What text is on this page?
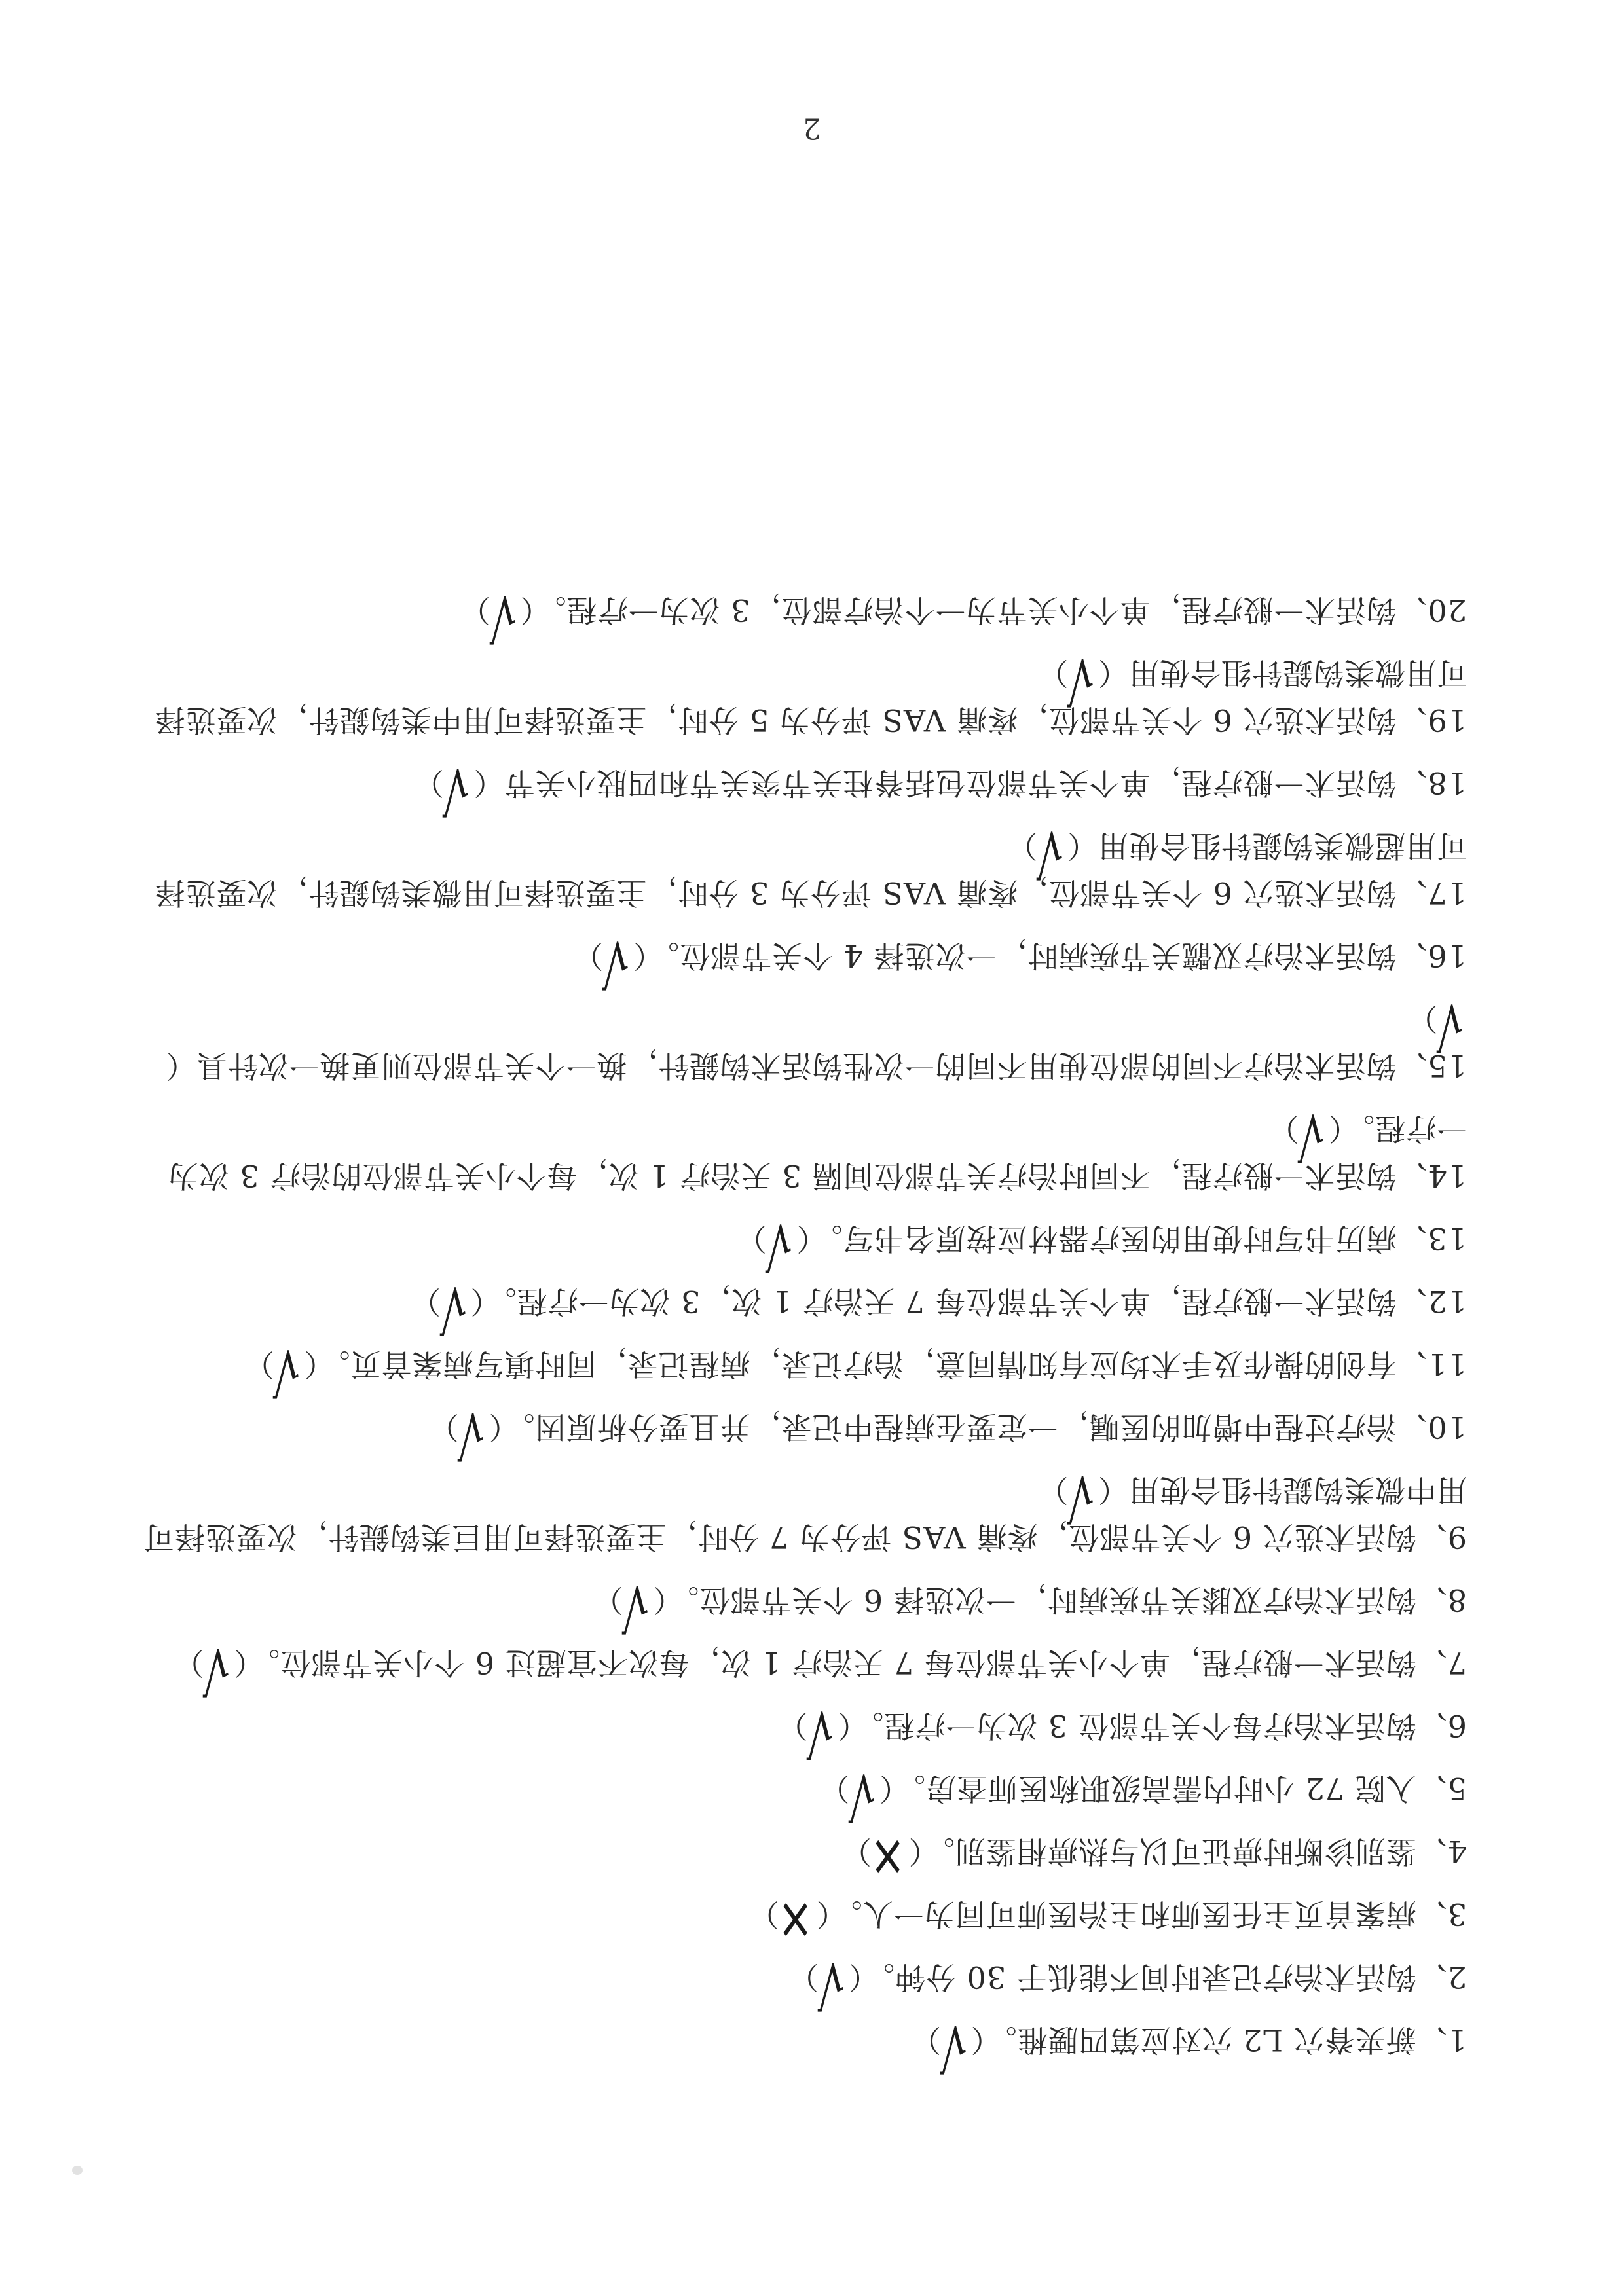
1、新夹脊穴 L2 穴对应第四腰椎。（√）
2、钩活术治疗记录时间不能低于 30 分钟。（√）
3、病案首页主任医师和主治医师可同为一人。（×）
4、鉴别诊断时痹证可以与热痹相鉴别。（×）
5、入院 72 小时内需高级职称医师查房。（√）
6、钩活术治疗每个关节部位 3 次为一疗程。（√）
7、钩活术一般疗程，单个小关节部位每 7 天治疗 1 次，每次不宜超过 6 个小关节部位。（√）
8、钩活术治疗双膝关节疾病时，一次选择 6 个关节部位。（√）
9、钩活术选穴 6 个关节部位，疼痛 VAS 评分为 7 分时，主要选择可用巨类钩鍉针，次要选择可用中微类钩鍉针组合使用（√）
10、治疗过程中增加的医嘱，一定要在病程中记录，并且要分析原因。（√）
11、有创的操作及手术均应有知情同意，治疗记录，病程记录，同时填写病案首页。（√）
12、钩活术一般疗程，单个关节部位每 7 天治疗 1 次，3 次为一疗程。（√）
13、病历书写时使用的医疗器材应按原名书写。（√）
14、钩活术一般疗程，不同时治疗关节部位间隔 3 天治疗 1 次，每个小关节部位的治疗 3 次为一疗程。（√）
15、钩活术治疗不同的部位使用不同的一次性钩活术钩鍉针，换一个关节部位则更换一次针具（√）
16、钩活术治疗双髋关节疾病时，一次选择 4 个关节部位。（√）
17、钩活术选穴 6 个关节部位，疼痛 VAS 评分为 3 分时，主要选择可用微类钩鍉针，次要选择可用超微类钩鍉针组合使用（√）
18、钩活术一般疗程，单个关节部位包括脊柱关节突关节和四肢小关节（√）
19、钩活术选穴 6 个关节部位，疼痛 VAS 评分为 5 分时，主要选择可用中类钩鍉针，次要选择可用微类钩鍉针组合使用（√）
20、钩活术一般疗程，单个小关节为一个治疗部位，3 次为一疗程。（√）
2
